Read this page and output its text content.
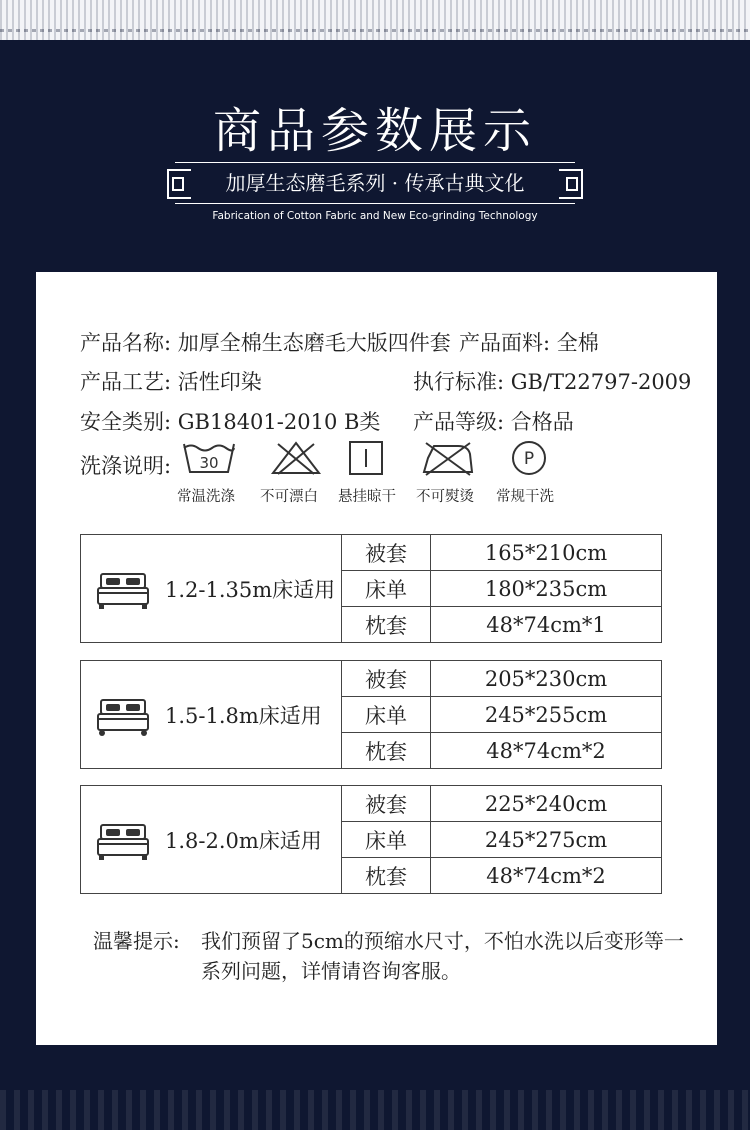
商品参数展示
加厚生态磨毛系列 · 传承古典文化
Fabrication of Cotton Fabric and New Eco-grinding Technology
产品名称: 加厚全棉生态磨毛大版四件套 产品面料: 全棉
产品工艺: 活性印染	执行标准: GB/T22797-2009
安全类别: GB18401-2010 B类 产品等级: 合格品
洗涤说明: 30	P
常温洗涤 不可漂白 悬挂晾干 不可熨烫 常规干洗
1.2-1.35m床适用	被套	165*210cm
	床单	180*235cm
	枕套	48*74cm*1
1.5-1.8m床适用	被套	205*230cm
	床单	245*255cm
	枕套	48*74cm*2
1.8-2.0m床适用	被套	225*240cm
	床单	245*275cm
	枕套	48*74cm*2
温馨提示:	我们预留了5cm的预缩水尺寸，不怕水洗以后变形等一系列问题，详情请咨询客服。
